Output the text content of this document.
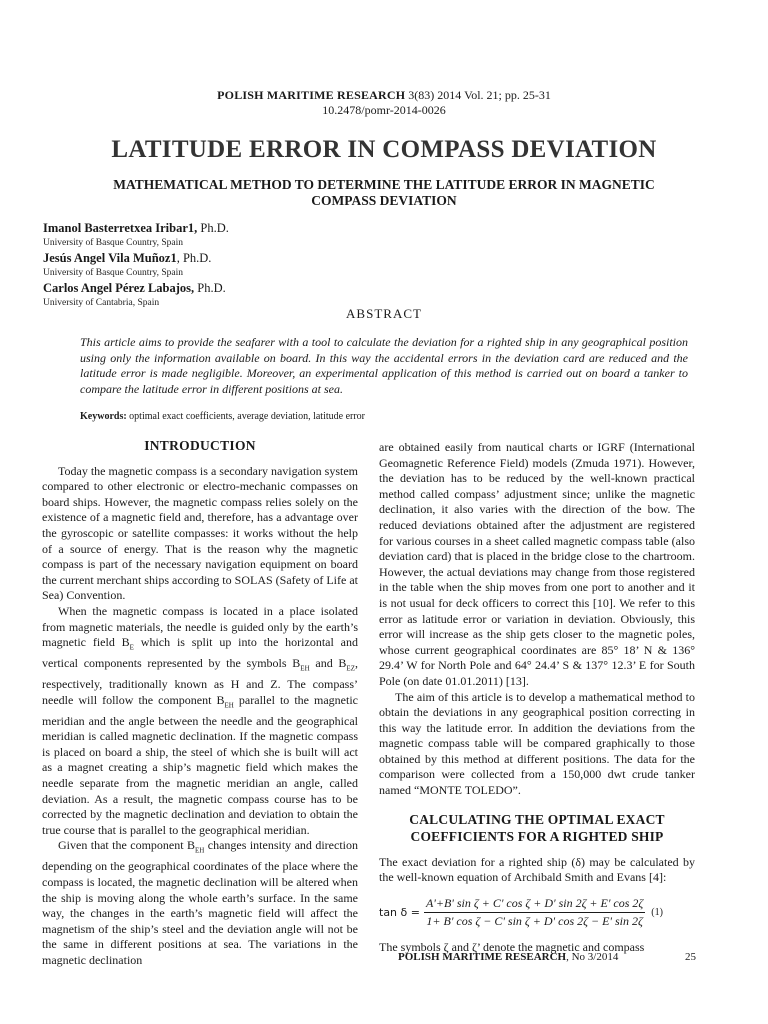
POLISH MARITIME RESEARCH 3(83) 2014 Vol. 21; pp. 25-31
10.2478/pomr-2014-0026
LATITUDE ERROR IN COMPASS DEVIATION
MATHEMATICAL METHOD TO DETERMINE THE LATITUDE ERROR IN MAGNETIC COMPASS DEVIATION
Imanol Basterretxea Iribar1, Ph.D.
University of Basque Country, Spain
Jesús Angel Vila Muñoz1, Ph.D.
University of Basque Country, Spain
Carlos Angel Pérez Labajos, Ph.D.
University of Cantabria, Spain
ABSTRACT

This article aims to provide the seafarer with a tool to calculate the deviation for a righted ship in any geographical position using only the information available on board. In this way the accidental errors in the deviation card are reduced and the latitude error is made negligible. Moreover, an experimental application of this method is carried out on board a tanker to compare the latitude error in different positions at sea.

Keywords: optimal exact coefficients, average deviation, latitude error
INTRODUCTION

Today the magnetic compass is a secondary navigation system compared to other electronic or electro-mechanic compasses on board ships. However, the magnetic compass relies solely on the existence of a magnetic field and, therefore, has a advantage over the gyroscopic or satellite compasses: it works without the help of a source of energy. That is the reason why the magnetic compass is part of the necessary navigation equipment on board the current merchant ships according to SOLAS (Safety of Life at Sea) Convention.

When the magnetic compass is located in a place isolated from magnetic materials, the needle is guided only by the earth’s magnetic field $B_E$ which is split up into the horizontal and vertical components represented by the symbols $B_{EH}$ and $B_{EZ}$, respectively, traditionally known as H and Z. The compass’ needle will follow the component $B_{EH}$ parallel to the magnetic meridian and the angle between the needle and the geographical meridian is called magnetic declination. If the magnetic compass is placed on board a ship, the steel of which she is built will act as a magnet creating a ship’s magnetic field which makes the needle separate from the magnetic meridian an angle, called deviation. As a result, the magnetic compass course has to be corrected by the magnetic declination and deviation to obtain the true course that is parallel to the geographical meridian.

Given that the component $B_{EH}$ changes intensity and direction depending on the geographical coordinates of the place where the compass is located, the magnetic declination will be altered when the ship is moving along the whole earth’s surface. In the same way, the changes in the earth’s magnetic field will affect the magnetism of the ship’s steel and the deviation angle will not be the same in different positions at sea. The variations in the magnetic declination

are obtained easily from nautical charts or IGRF (International Geomagnetic Reference Field) models (Zmuda 1971). However, the deviation has to be reduced by the well-known practical method called compass’ adjustment since; unlike the magnetic declination, it also varies with the direction of the bow. The reduced deviations obtained after the adjustment are registered for various courses in a sheet called magnetic compass table (also deviation card) that is placed in the bridge close to the chartroom. However, the actual deviations may change from those registered in the table when the ship moves from one port to another and it is not usual for deck officers to correct this [10]. We refer to this error as latitude error or variation in deviation. Obviously, this error will increase as the ship gets closer to the magnetic poles, whose current geographical coordinates are 85° 18’ N & 136° 29.4’ W for North Pole and 64° 24.4’ S & 137° 12.3’ E for South Pole (on date 01.01.2011) [13].

The aim of this article is to develop a mathematical method to obtain the deviations in any geographical position correcting in this way the latitude error. In addition the deviations from the magnetic compass table will be compared graphically to those obtained by this method at different positions. The data for the comparison were collected from a 150,000 dwt crude tanker named “MONTE TOLEDO”.

CALCULATING THE OPTIMAL EXACT COEFFICIENTS FOR A RIGHTED SHIP

The exact deviation for a righted ship (δ) may be calculated by the well-known equation of Archibald Smith and Evans [4]:

$\tan \delta = \frac{\text{A'+B' sin ζ + C' cos ζ + D' sin 2ζ + E' cos 2ζ}}{\text{1+ B' cos ζ − C' sin ζ + D' cos 2ζ − E' sin 2ζ}} (1)$

The symbols ζ and ζ’ denote the magnetic and compass

POLISH MARITIME RESEARCH, No 3/2014	25
